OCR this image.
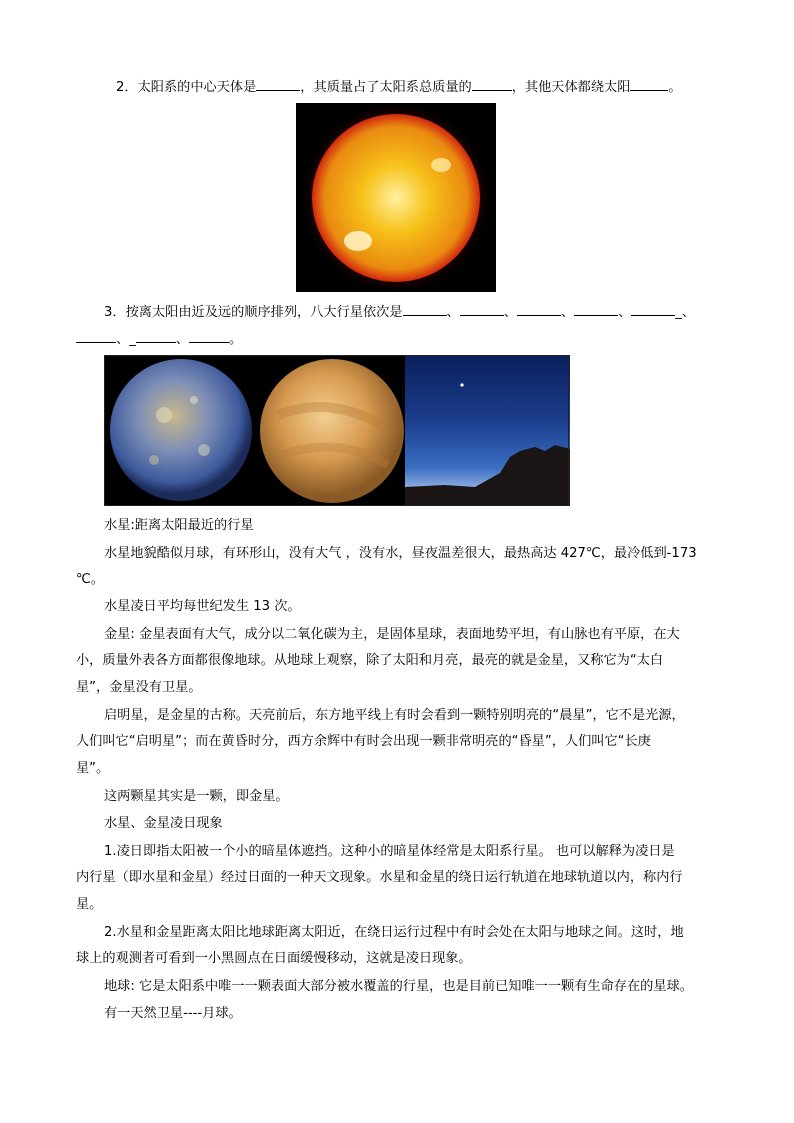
2．太阳系的中心天体是	，其质量占了太阳系总质量的	，其他天体都绕太阳	。
3．按离太阳由近及远的顺序排列，八大行星依次是	、	、	、	、	_、
、_	、	。
水星:距离太阳最近的行星
水星地貌酷似月球，有环形山，没有大气 ，没有水，昼夜温差很大，最热高达 427℃，最冷低到-173
℃。
水星凌日平均每世纪发生 13 次。
金星: 金星表面有大气，成分以二氧化碳为主，是固体星球，表面地势平坦，有山脉也有平原，在大
小，质量外表各方面都很像地球。从地球上观察，除了太阳和月亮，最亮的就是金星，又称它为“太白
星”，金星没有卫星。
启明星，是金星的古称。天亮前后，东方地平线上有时会看到一颗特别明亮的“晨星”，它不是光源，
人们叫它“启明星”；而在黄昏时分，西方余辉中有时会出现一颗非常明亮的“昏星”，人们叫它“长庚
星”。
这两颗星其实是一颗，即金星。
水星、金星凌日现象
1.凌日即指太阳被一个小的暗星体遮挡。这种小的暗星体经常是太阳系行星。 也可以解释为凌日是
内行星（即水星和金星）经过日面的一种天文现象。水星和金星的绕日运行轨道在地球轨道以内，称内行
星。
2.水星和金星距离太阳比地球距离太阳近，在绕日运行过程中有时会处在太阳与地球之间。这时，地
球上的观测者可看到一小黑圆点在日面缓慢移动，这就是凌日现象。
地球: 它是太阳系中唯一一颗表面大部分被水覆盖的行星，也是目前已知唯一一颗有生命存在的星球。
有一天然卫星----月球。
